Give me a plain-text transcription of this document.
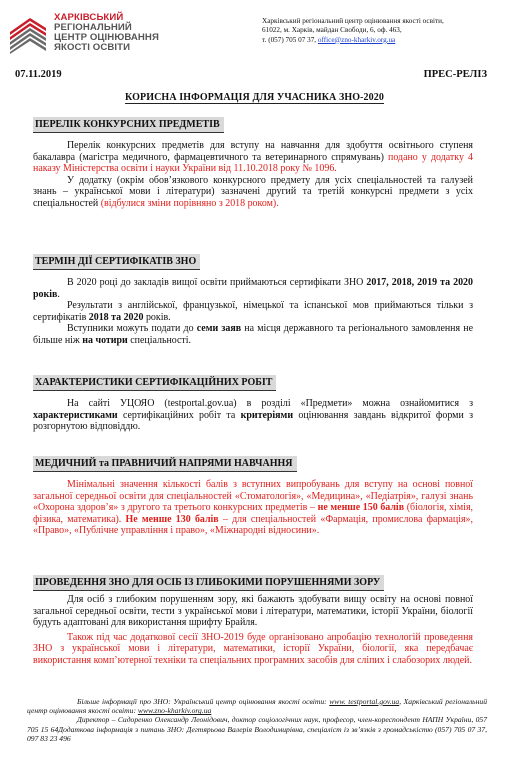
ХАРКІВСЬКИЙ
РЕГІОНАЛЬНИЙ
ЦЕНТР ОЦІНЮВАННЯ
ЯКОСТІ ОСВІТИ
Харківський регіональний центр оцінювання якості освіти,
61022, м. Харків, майдан Свободи, 6, оф. 463,
т. (057) 705 07 37, office@zno-kharkiv.org.ua
07.11.2019	ПРЕС-РЕЛІЗ
КОРИСНА ІНФОРМАЦІЯ ДЛЯ УЧАСНИКА ЗНО-2020
ПЕРЕЛІК КОНКУРСНИХ ПРЕДМЕТІВ

Перелік конкурсних предметів для вступу на навчання для здобуття освітнього ступеня бакалавра (магістра медичного, фармацевтичного та ветеринарного спрямувань) подано у додатку 4 наказу Міністерства освіти і науки України від 11.10.2018 року № 1096.

У додатку (окрім обов’язкового конкурсного предмету для усіх спеціальностей та галузей знань – української мови і літератури) зазначені другий та третій конкурсні предмети з усіх спеціальностей (відбулися зміни порівняно з 2018 роком).

ТЕРМІН ДІЇ СЕРТИФІКАТІВ ЗНО

В 2020 році до закладів вищої освіти приймаються сертифікати ЗНО 2017, 2018, 2019 та 2020 років.

Результати з англійської, французької, німецької та іспанської мов приймаються тільки з сертифікатів 2018 та 2020 років.

Вступники можуть подати до семи заяв на місця державного та регіонального замовлення не більше ніж на чотири спеціальності.

ХАРАКТЕРИСТИКИ СЕРТИФІКАЦІЙНИХ РОБІТ

На сайті УЦОЯО (testportal.gov.ua) в розділі «Предмети» можна ознайомитися з характеристиками сертифікаційних робіт та критеріями оцінювання завдань відкритої форми з розгорнутою відповіддю.

МЕДИЧНИЙ та ПРАВНИЧИЙ НАПРЯМИ НАВЧАННЯ

Мінімальні значення кількості балів з вступних випробувань для вступу на основі повної загальної середньої освіти для спеціальностей «Стоматологія», «Медицина», «Педіатрія», галузі знань «Охорона здоров’я» з другого та третього конкурсних предметів – не менше 150 балів (біологія, хімія, фізика, математика). Не менше 130 балів – для спеціальностей «Фармація, промислова фармація», «Право», «Публічне управління і право», «Міжнародні відносини».

ПРОВЕДЕННЯ ЗНО ДЛЯ ОСІБ ІЗ ГЛИБОКИМИ ПОРУШЕННЯМИ ЗОРУ

Для осіб з глибоким порушенням зору, які бажають здобувати вищу освіту на основі повної загальної середньої освіти, тести з української мови і літератури, математики, історії України, біології будуть адаптовані для використання шрифту Брайля.

Також під час додаткової сесії ЗНО-2019 буде організовано апробацію технологій проведення ЗНО з української мови і літератури, математики, історії України, біології, яка передбачає використання комп’ютерної техніки та спеціальних програмних засобів для сліпих і слабозорих людей.

Більше інформації про ЗНО: Український центр оцінювання якості освіти: www. testportal.gov.ua, Харківський регіональний центр оцінювання якості освіти: www.zno-kharkiv.org.ua
Директор – Сидоренко Олександр Леонідович, доктор соціологічних наук, професор, член-кореспондент НАПН України, 057 705 15 64Додаткова інформація з питань ЗНО: Дегтярьова Валерія Володимирівна, спеціаліст із зв’язків з громадськістю (057) 705 07 37, 097 83 23 496
